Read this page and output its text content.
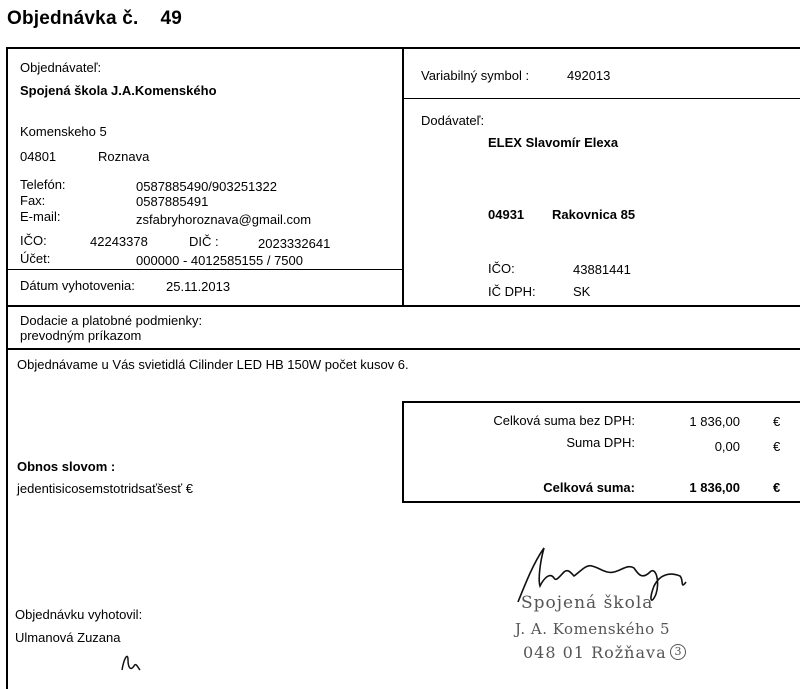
Objednávka č. 49
Objednávateľ:
Spojená škola J.A.Komenského
Komenskeho 5
04801	Roznava
Telefón:	0587885490/903251322
Fax:	0587885491
E-mail:	zsfabryhoroznava@gmail.com
IČO:	42243378	DIČ :	2023332641
Účet:	000000 - 4012585155 / 7500
Dátum vyhotovenia: 25.11.2013
Variabilný symbol :	492013
Dodávateľ:
ELEX Slavomír Elexa
04931 Rakovnica 85
IČO:	43881441
IČ DPH:	SK
Dodacie a platobné podmienky:
prevodným príkazom
Objednávame u Vás svietidlá Cilinder LED HB 150W počet kusov 6.
Celková suma bez DPH:	1 836,00	€
Suma DPH:	0,00	€
Celková suma:	1 836,00	€
Obnos slovom :
jedentisicosemstotridsaťšesť €
Objednávku vyhotovil:
Ulmanová Zuzana
Spojená škola
J. A. Komenského 5
048 01 Rožňava 3
